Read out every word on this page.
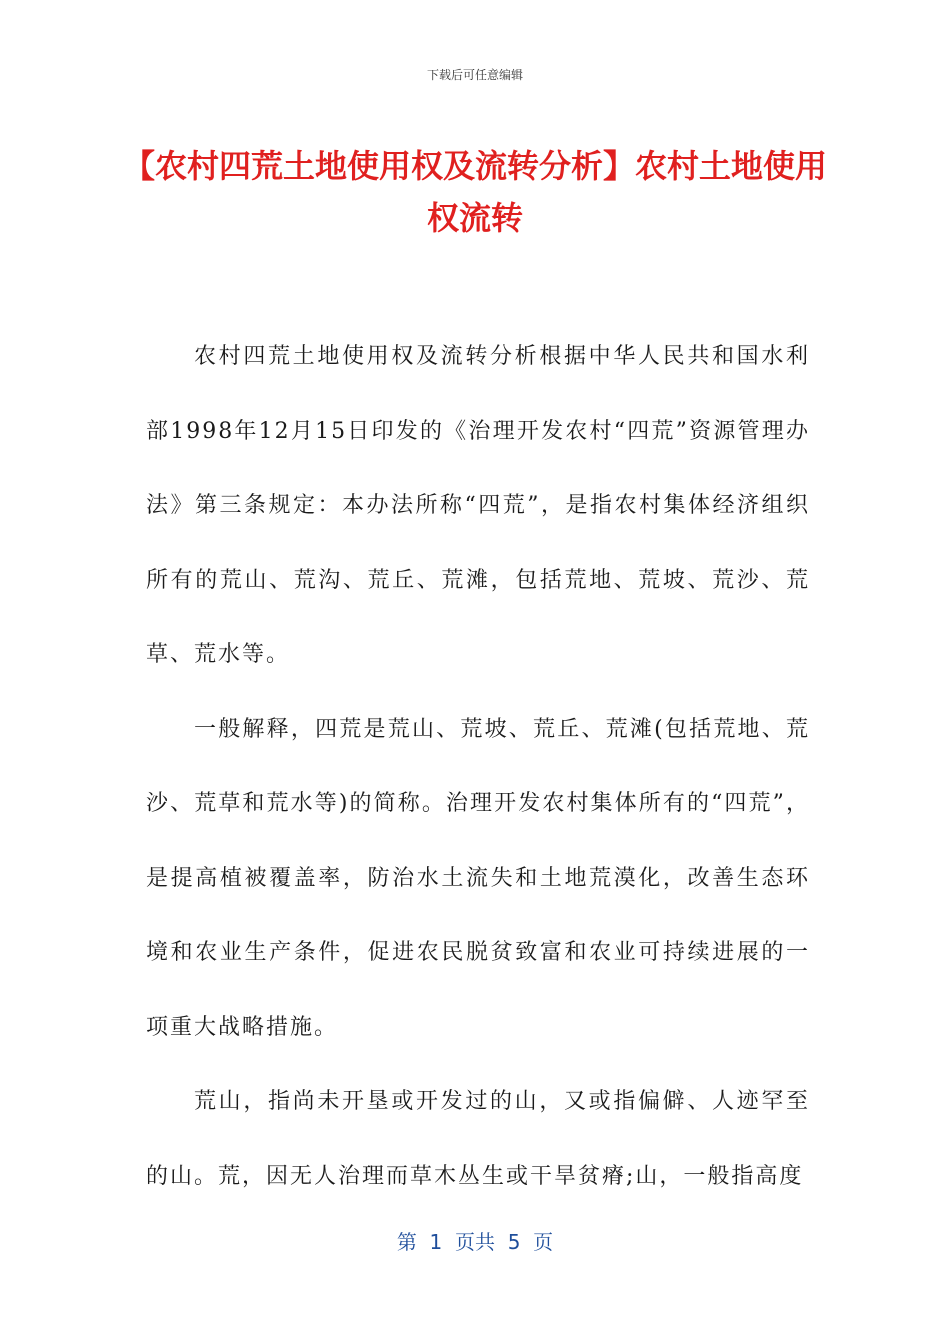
下载后可任意编辑
【农村四荒土地使用权及流转分析】农村土地使用权流转

农村四荒土地使用权及流转分析根据中华人民共和国水利部1998年12月15日印发的《治理开发农村“四荒”资源管理办法》第三条规定：本办法所称“四荒”，是指农村集体经济组织所有的荒山、荒沟、荒丘、荒滩，包括荒地、荒坡、荒沙、荒草、荒水等。

一般解释，四荒是荒山、荒坡、荒丘、荒滩(包括荒地、荒沙、荒草和荒水等)的简称。治理开发农村集体所有的“四荒”，是提高植被覆盖率，防治水土流失和土地荒漠化，改善生态环境和农业生产条件，促进农民脱贫致富和农业可持续进展的一项重大战略措施。

荒山，指尚未开垦或开发过的山，又或指偏僻、人迹罕至的山。荒，因无人治理而草木丛生或干旱贫瘠;山，一般指高度

第  1  页共  5  页
